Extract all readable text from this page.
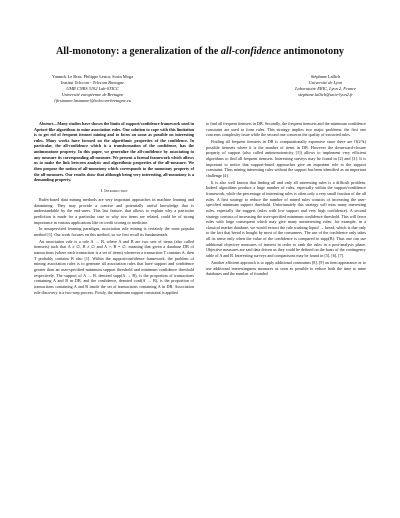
All-monotony: a generalization of the all-confidence antimonotony
Yannick Le Bras, Philippe Lenca, Sorin Moga
Institut Telecom - Telecom Bretagne
UMR CNRS 3192 Lab-STICC
Université européenne de Bretagne
{firstname.lastname}@telecom-bretagne.eu
Stéphane Lallich
Université de Lyon
Laboratoire ERIC, Lyon 2, France
stephane.lallich@univ-lyon2.fr

Abstract—Many studies have shown the limits of support/confidence framework used in Apriori-like algorithms to mine association rules. One solution to cope with this limitation is to get rid of frequent itemset mining and to focus on some as possible on interesting rules. Many works have focused on the algorithmic properties of the confidence. In particular, the all-confidence which is a transformation of the confidence, has the antimonotone property. In this paper, we generalize the all-confidence by associating to any measure its corresponding all-measure. We present a formal framework which allows us to make the link between analytic and algorithmic properties of the all-measure. We then propose the notion of all-monotony which corresponds to the monotony property of the all-measures. Our results show that although being very interesting, all-monotony is a demanding property.

I. Introduction

Rules-based data mining methods are very important approaches in machine learning and datamining. They may provide a concise and potentially useful knowledge that is understandable by the end-users. This last feature, that allows to explain why a particular prediction is made for a particular case or why two items are related, could be of strong importance in various applications like in credit scoring or medicine.

In unsupervised learning paradigm, association rule mining is certainly the most popular method [1]. Our work focuses on this method, so we first recall its fundamentals.

An association rule is a rule A → B, where A and B are two sets of items (also called itemsets) such that A ≠ ∅, B ≠ ∅ and A ∩ B = ∅, meaning that given a database DB of transactions (where each transaction is a set of items) whenever a transaction T contains A, then T probably contains B also [1]. Within the support/confidence framework, the problem of mining association rules is to generate all association rules that have support and confidence greater than an user-specified minimum support threshold and minimum confidence threshold respectively. The support of A → B, denoted supp(A → B), is the proportion of transactions containing A and B in DB, and the confidence, denoted conf(A → B), is the proportion of transactions containing A and B inside the set of transactions containing A in DB. Association rule discovery is a two-step process. Firstly, the minimum support constraint is applied

to find all frequent itemsets in DB. Secondly, the frequent itemsets and the minimum confidence constraint are used to form rules. This strategy implies two major problems: the first one concerns complexity issue while the second one concerns the quality of extracted rules.

Finding all frequent itemsets in DB is computationally expensive since there are O(2^k) possible itemsets where k is the number of items in DB. However the downward-closure property of support (also called antimonotonicity [1]) allows to implement very efficient algorithms to find all frequent itemsets. Interesting surveys may be found in [2] and [3]. It is important to notice that support-based approaches give an important role to the support constraint. Thus mining interesting rules without the support has been identified as an important challenge [4].

It is also well known that finding all and only all interesting rules is a difficult problem. Indeed algorithms produce a huge number of rules, especially within the support/confidence framework, while the percentage of interesting rules is often only a very small fraction of the all rules. A first strategy to reduce the number of mined rules consists of increasing the user-specified minimum support threshold. Unfortunately this strategy will miss many interesting rules, especially the nuggets (rules with low support and very high confidence). A second strategy consists of increasing the user-specified minimum confidence threshold. This will favor rules with large consequent which may give many uninteresting rules: for example, in a classical market database, we would extract the rule washing liquid → bread, which is due only to the fact that bread is bought by most of the consumers. The use of the confidence only takes all its sense only when the value of the confidence is compared to supp(B). Thus one can use additional objective measures of interest in order to rank the rules in a post-analysis phase. Objective measures are said data driven as they could be defined on the basis of the contingency table of A and B. Interesting surveys and comparisons may be found in [5], [6], [7].

Another efficient approach is to apply additional constraints [8], [9] on item appearance or to use additional interestingness measures as soon as possible to reduce both the time to mine databases and the number of founded
